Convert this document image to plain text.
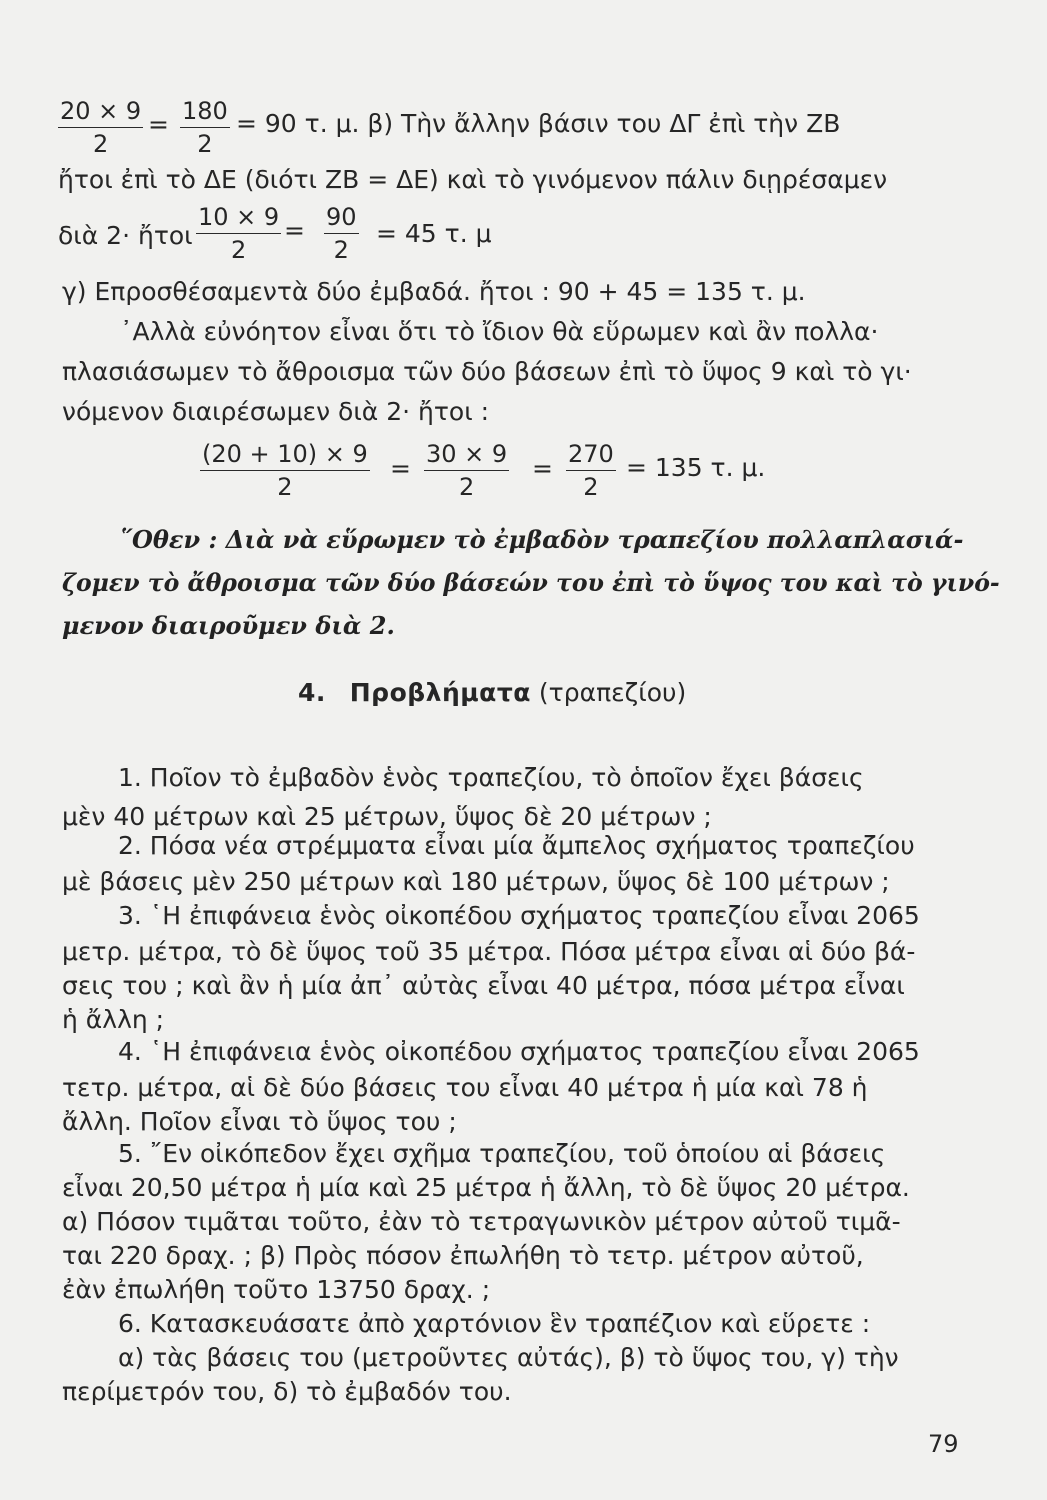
$\frac{20 \times 9}{2} = \frac{180}{2} = 90$ τ. μ. β) Τὴν ἄλλην βάσιν του ΔΓ ἐπὶ τὴν ΖΒ
ἤτοι ἐπὶ τὸ ΔΕ (διότι ΖΒ = ΔΕ) καὶ τὸ γινόμενον πάλιν διῃρέσαμεν
διὰ 2· ἤτοι $\frac{10 \times 9}{2} = \frac{90}{2} = 45$ τ. μ
γ) Επροσθέσαμεντὰ δύο ἐμβαδά. ἤτοι : 90 + 45 = 135 τ. μ.
᾿Αλλὰ εὐνόητον εἶναι ὅτι τὸ ἴδιον θὰ εὕρωμεν καὶ ἂν πολλα·
πλασιάσωμεν τὸ ἄθροισμα τῶν δύο βάσεων ἐπὶ τὸ ὕψος 9 καὶ τὸ γι·
νόμενον διαιρέσωμεν διὰ 2· ἤτοι :
$\frac{(20 + 10) \times 9}{2} = \frac{30 \times 9}{2} = \frac{270}{2} = 135$ τ. μ.
῞Οθεν : Διὰ νὰ εὕρωμεν τὸ ἐμβαδὸν τραπεζίου πολλαπλασιά-
ζομεν τὸ ἄθροισμα τῶν δύο βάσεών του ἐπὶ τὸ ὕψος του καὶ τὸ γινό-
μενον διαιροῦμεν διὰ 2.
4. Προβλήματα (τραπεζίου)
1. Ποῖον τὸ ἐμβαδὸν ἑνὸς τραπεζίου, τὸ ὁποῖον ἔχει βάσεις
μὲν 40 μέτρων καὶ 25 μέτρων, ὕψος δὲ 20 μέτρων ;
2. Πόσα νέα στρέμματα εἶναι μία ἄμπελος σχήματος τραπεζίου
μὲ βάσεις μὲν 250 μέτρων καὶ 180 μέτρων, ὕψος δὲ 100 μέτρων ;
3. ῾Η ἐπιφάνεια ἑνὸς οἰκοπέδου σχήματος τραπεζίου εἶναι 2065
μετρ. μέτρα, τὸ δὲ ὕψος τοῦ 35 μέτρα. Πόσα μέτρα εἶναι αἱ δύο βά-
σεις του ; καὶ ἂν ἡ μία ἀπ᾿ αὐτὰς εἶναι 40 μέτρα, πόσα μέτρα εἶναι
ἡ ἄλλη ;
4. ῾Η ἐπιφάνεια ἑνὸς οἰκοπέδου σχήματος τραπεζίου εἶναι 2065
τετρ. μέτρα, αἱ δὲ δύο βάσεις του εἶναι 40 μέτρα ἡ μία καὶ 78 ἡ
ἄλλη. Ποῖον εἶναι τὸ ὕψος του ;
5. ῎Εν οἰκόπεδον ἔχει σχῆμα τραπεζίου, τοῦ ὁποίου αἱ βάσεις
εἶναι 20,50 μέτρα ἡ μία καὶ 25 μέτρα ἡ ἄλλη, τὸ δὲ ὕψος 20 μέτρα.
α) Πόσον τιμᾶται τοῦτο, ἐὰν τὸ τετραγωνικὸν μέτρον αὐτοῦ τιμᾶ-
ται 220 δραχ. ; β) Πρὸς πόσον ἐπωλήθη τὸ τετρ. μέτρον αὐτοῦ,
ἐὰν ἐπωλήθη τοῦτο 13750 δραχ. ;
6. Κατασκευάσατε ἀπὸ χαρτόνιον ἓν τραπέζιον καὶ εὕρετε :
α) τὰς βάσεις του (μετροῦντες αὐτάς), β) τὸ ὕψος του, γ) τὴν
περίμετρόν του, δ) τὸ ἐμβαδόν του.
79
